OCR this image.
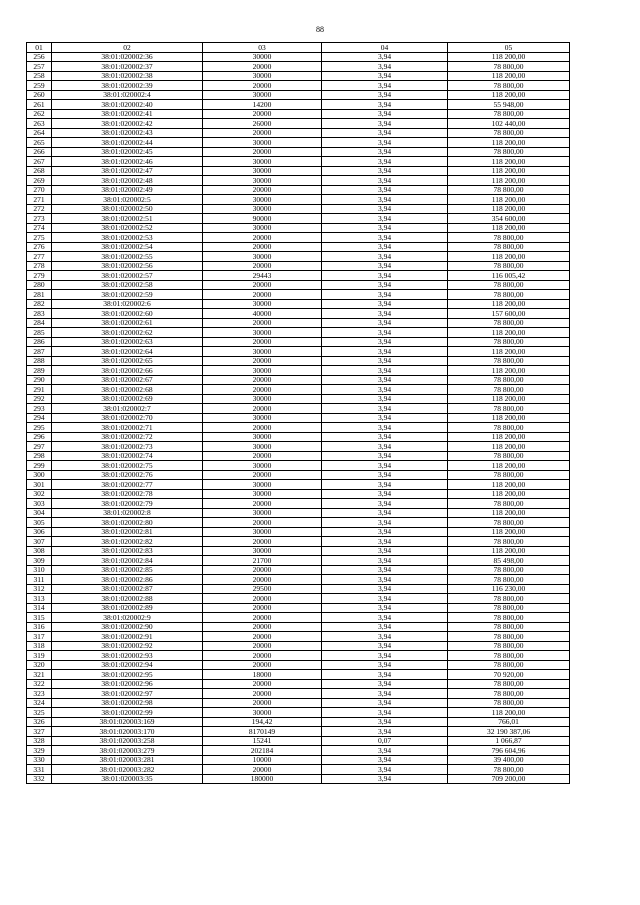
88
01	02	03	04	05
256	38:01:020002:36	30000	3,94	118 200,00
257	38:01:020002:37	20000	3,94	78 800,00
258	38:01:020002:38	30000	3,94	118 200,00
259	38:01:020002:39	20000	3,94	78 800,00
260	38:01:020002:4	30000	3,94	118 200,00
261	38:01:020002:40	14200	3,94	55 948,00
262	38:01:020002:41	20000	3,94	78 800,00
263	38:01:020002:42	26000	3,94	102 440,00
264	38:01:020002:43	20000	3,94	78 800,00
265	38:01:020002:44	30000	3,94	118 200,00
266	38:01:020002:45	20000	3,94	78 800,00
267	38:01:020002:46	30000	3,94	118 200,00
268	38:01:020002:47	30000	3,94	118 200,00
269	38:01:020002:48	30000	3,94	118 200,00
270	38:01:020002:49	20000	3,94	78 800,00
271	38:01:020002:5	30000	3,94	118 200,00
272	38:01:020002:50	30000	3,94	118 200,00
273	38:01:020002:51	90000	3,94	354 600,00
274	38:01:020002:52	30000	3,94	118 200,00
275	38:01:020002:53	20000	3,94	78 800,00
276	38:01:020002:54	20000	3,94	78 800,00
277	38:01:020002:55	30000	3,94	118 200,00
278	38:01:020002:56	20000	3,94	78 800,00
279	38:01:020002:57	29443	3,94	116 005,42
280	38:01:020002:58	20000	3,94	78 800,00
281	38:01:020002:59	20000	3,94	78 800,00
282	38:01:020002:6	30000	3,94	118 200,00
283	38:01:020002:60	40000	3,94	157 600,00
284	38:01:020002:61	20000	3,94	78 800,00
285	38:01:020002:62	30000	3,94	118 200,00
286	38:01:020002:63	20000	3,94	78 800,00
287	38:01:020002:64	30000	3,94	118 200,00
288	38:01:020002:65	20000	3,94	78 800,00
289	38:01:020002:66	30000	3,94	118 200,00
290	38:01:020002:67	20000	3,94	78 800,00
291	38:01:020002:68	20000	3,94	78 800,00
292	38:01:020002:69	30000	3,94	118 200,00
293	38:01:020002:7	20000	3,94	78 800,00
294	38:01:020002:70	30000	3,94	118 200,00
295	38:01:020002:71	20000	3,94	78 800,00
296	38:01:020002:72	30000	3,94	118 200,00
297	38:01:020002:73	30000	3,94	118 200,00
298	38:01:020002:74	20000	3,94	78 800,00
299	38:01:020002:75	30000	3,94	118 200,00
300	38:01:020002:76	20000	3,94	78 800,00
301	38:01:020002:77	30000	3,94	118 200,00
302	38:01:020002:78	30000	3,94	118 200,00
303	38:01:020002:79	20000	3,94	78 800,00
304	38:01:020002:8	30000	3,94	118 200,00
305	38:01:020002:80	20000	3,94	78 800,00
306	38:01:020002:81	30000	3,94	118 200,00
307	38:01:020002:82	20000	3,94	78 800,00
308	38:01:020002:83	30000	3,94	118 200,00
309	38:01:020002:84	21700	3,94	85 498,00
310	38:01:020002:85	20000	3,94	78 800,00
311	38:01:020002:86	20000	3,94	78 800,00
312	38:01:020002:87	29500	3,94	116 230,00
313	38:01:020002:88	20000	3,94	78 800,00
314	38:01:020002:89	20000	3,94	78 800,00
315	38:01:020002:9	20000	3,94	78 800,00
316	38:01:020002:90	20000	3,94	78 800,00
317	38:01:020002:91	20000	3,94	78 800,00
318	38:01:020002:92	20000	3,94	78 800,00
319	38:01:020002:93	20000	3,94	78 800,00
320	38:01:020002:94	20000	3,94	78 800,00
321	38:01:020002:95	18000	3,94	70 920,00
322	38:01:020002:96	20000	3,94	78 800,00
323	38:01:020002:97	20000	3,94	78 800,00
324	38:01:020002:98	20000	3,94	78 800,00
325	38:01:020002:99	30000	3,94	118 200,00
326	38:01:020003:169	194,42	3,94	766,01
327	38:01:020003:170	8170149	3,94	32 190 387,06
328	38:01:020003:258	15241	0,07	1 066,87
329	38:01:020003:279	202184	3,94	796 604,96
330	38:01:020003:281	10000	3,94	39 400,00
331	38:01:020003:282	20000	3,94	78 800,00
332	38:01:020003:35	180000	3,94	709 200,00
